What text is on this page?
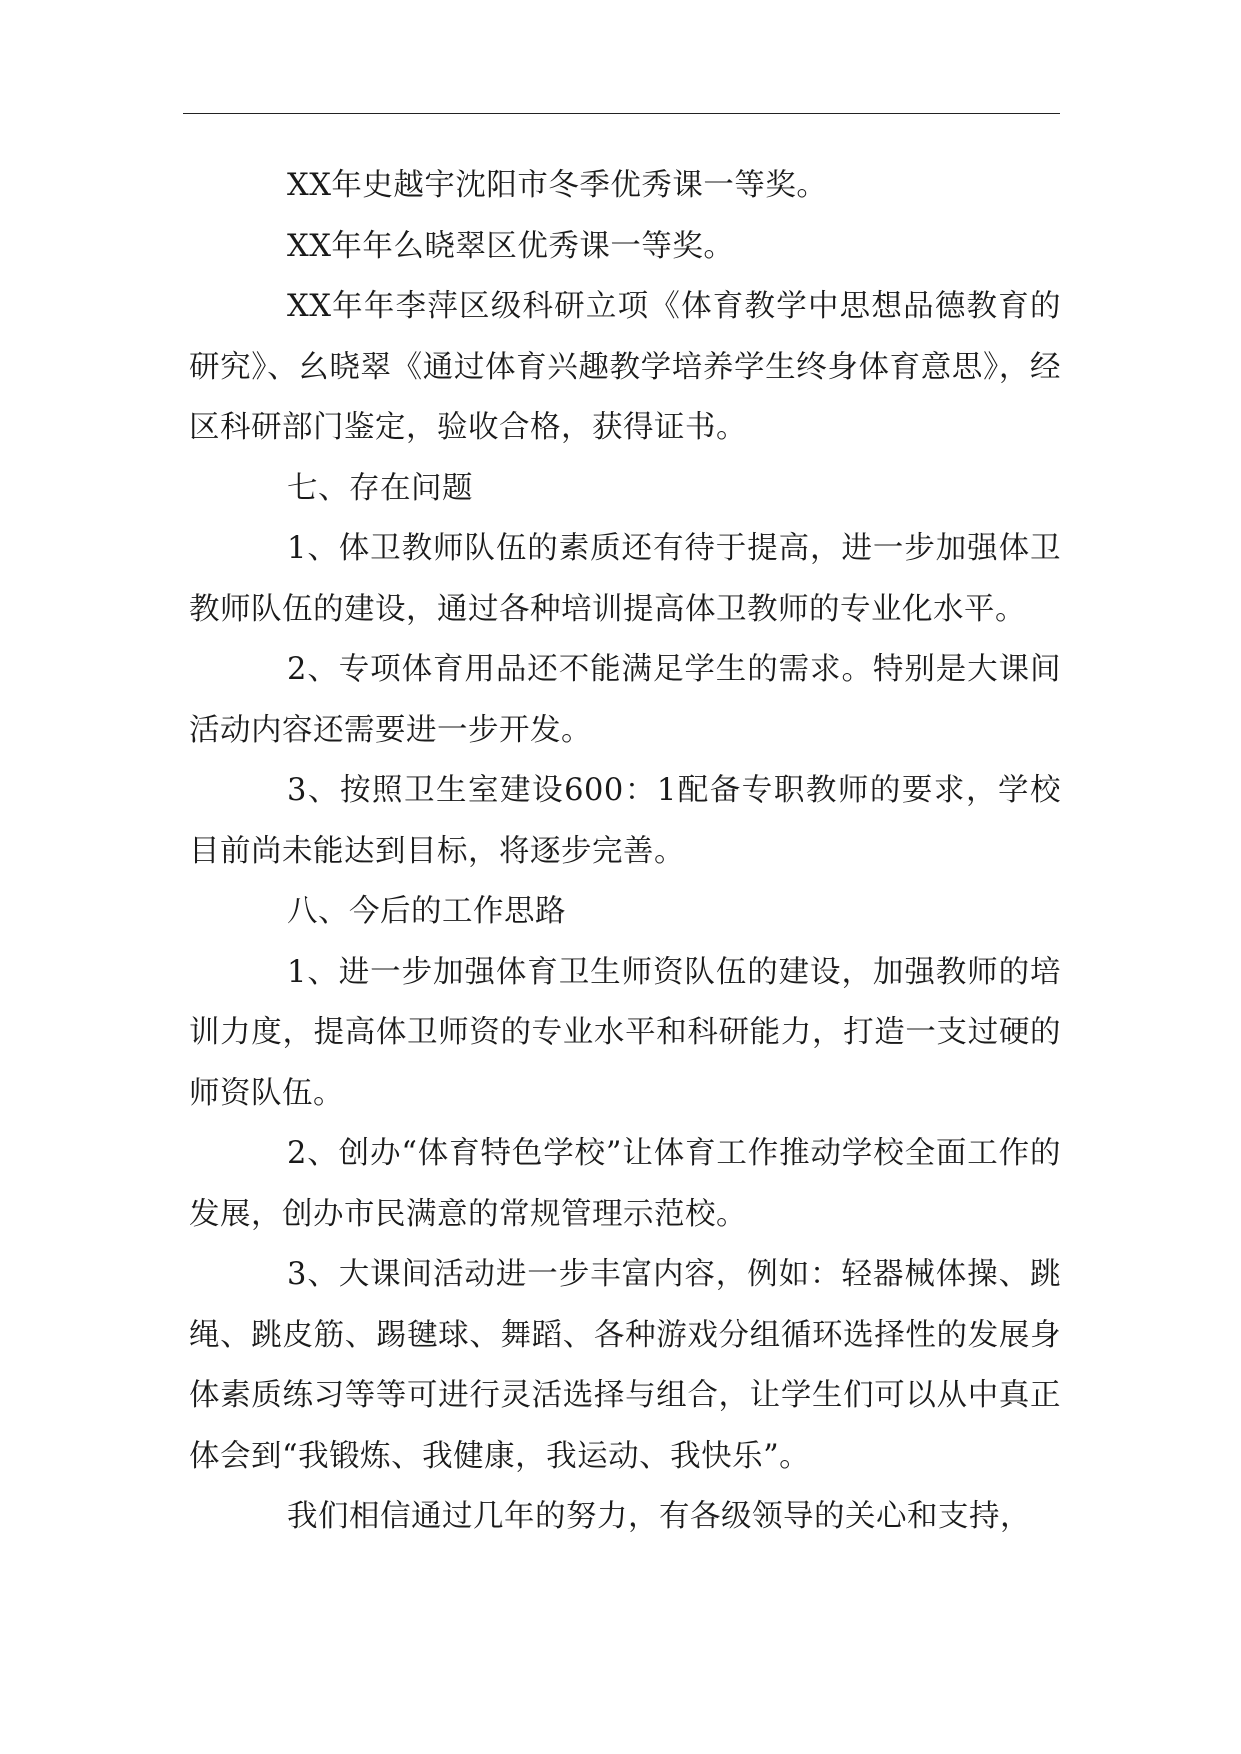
XX年史越宇沈阳市冬季优秀课一等奖。

XX年年么晓翠区优秀课一等奖。

XX年年李萍区级科研立项《体育教学中思想品德教育的研究》、幺晓翠《通过体育兴趣教学培养学生终身体育意思》，经区科研部门鉴定，验收合格，获得证书。

七、存在问题

1、体卫教师队伍的素质还有待于提高，进一步加强体卫教师队伍的建设，通过各种培训提高体卫教师的专业化水平。

2、专项体育用品还不能满足学生的需求。特别是大课间活动内容还需要进一步开发。

3、按照卫生室建设600：1配备专职教师的要求，学校目前尚未能达到目标，将逐步完善。

八、今后的工作思路

1、进一步加强体育卫生师资队伍的建设，加强教师的培训力度，提高体卫师资的专业水平和科研能力，打造一支过硬的师资队伍。

2、创办“体育特色学校”让体育工作推动学校全面工作的发展，创办市民满意的常规管理示范校。

3、大课间活动进一步丰富内容，例如：轻器械体操、跳绳、跳皮筋、踢毽球、舞蹈、各种游戏分组循环选择性的发展身体素质练习等等可进行灵活选择与组合，让学生们可以从中真正体会到“我锻炼、我健康，我运动、我快乐”。

我们相信通过几年的努力，有各级领导的关心和支持，
